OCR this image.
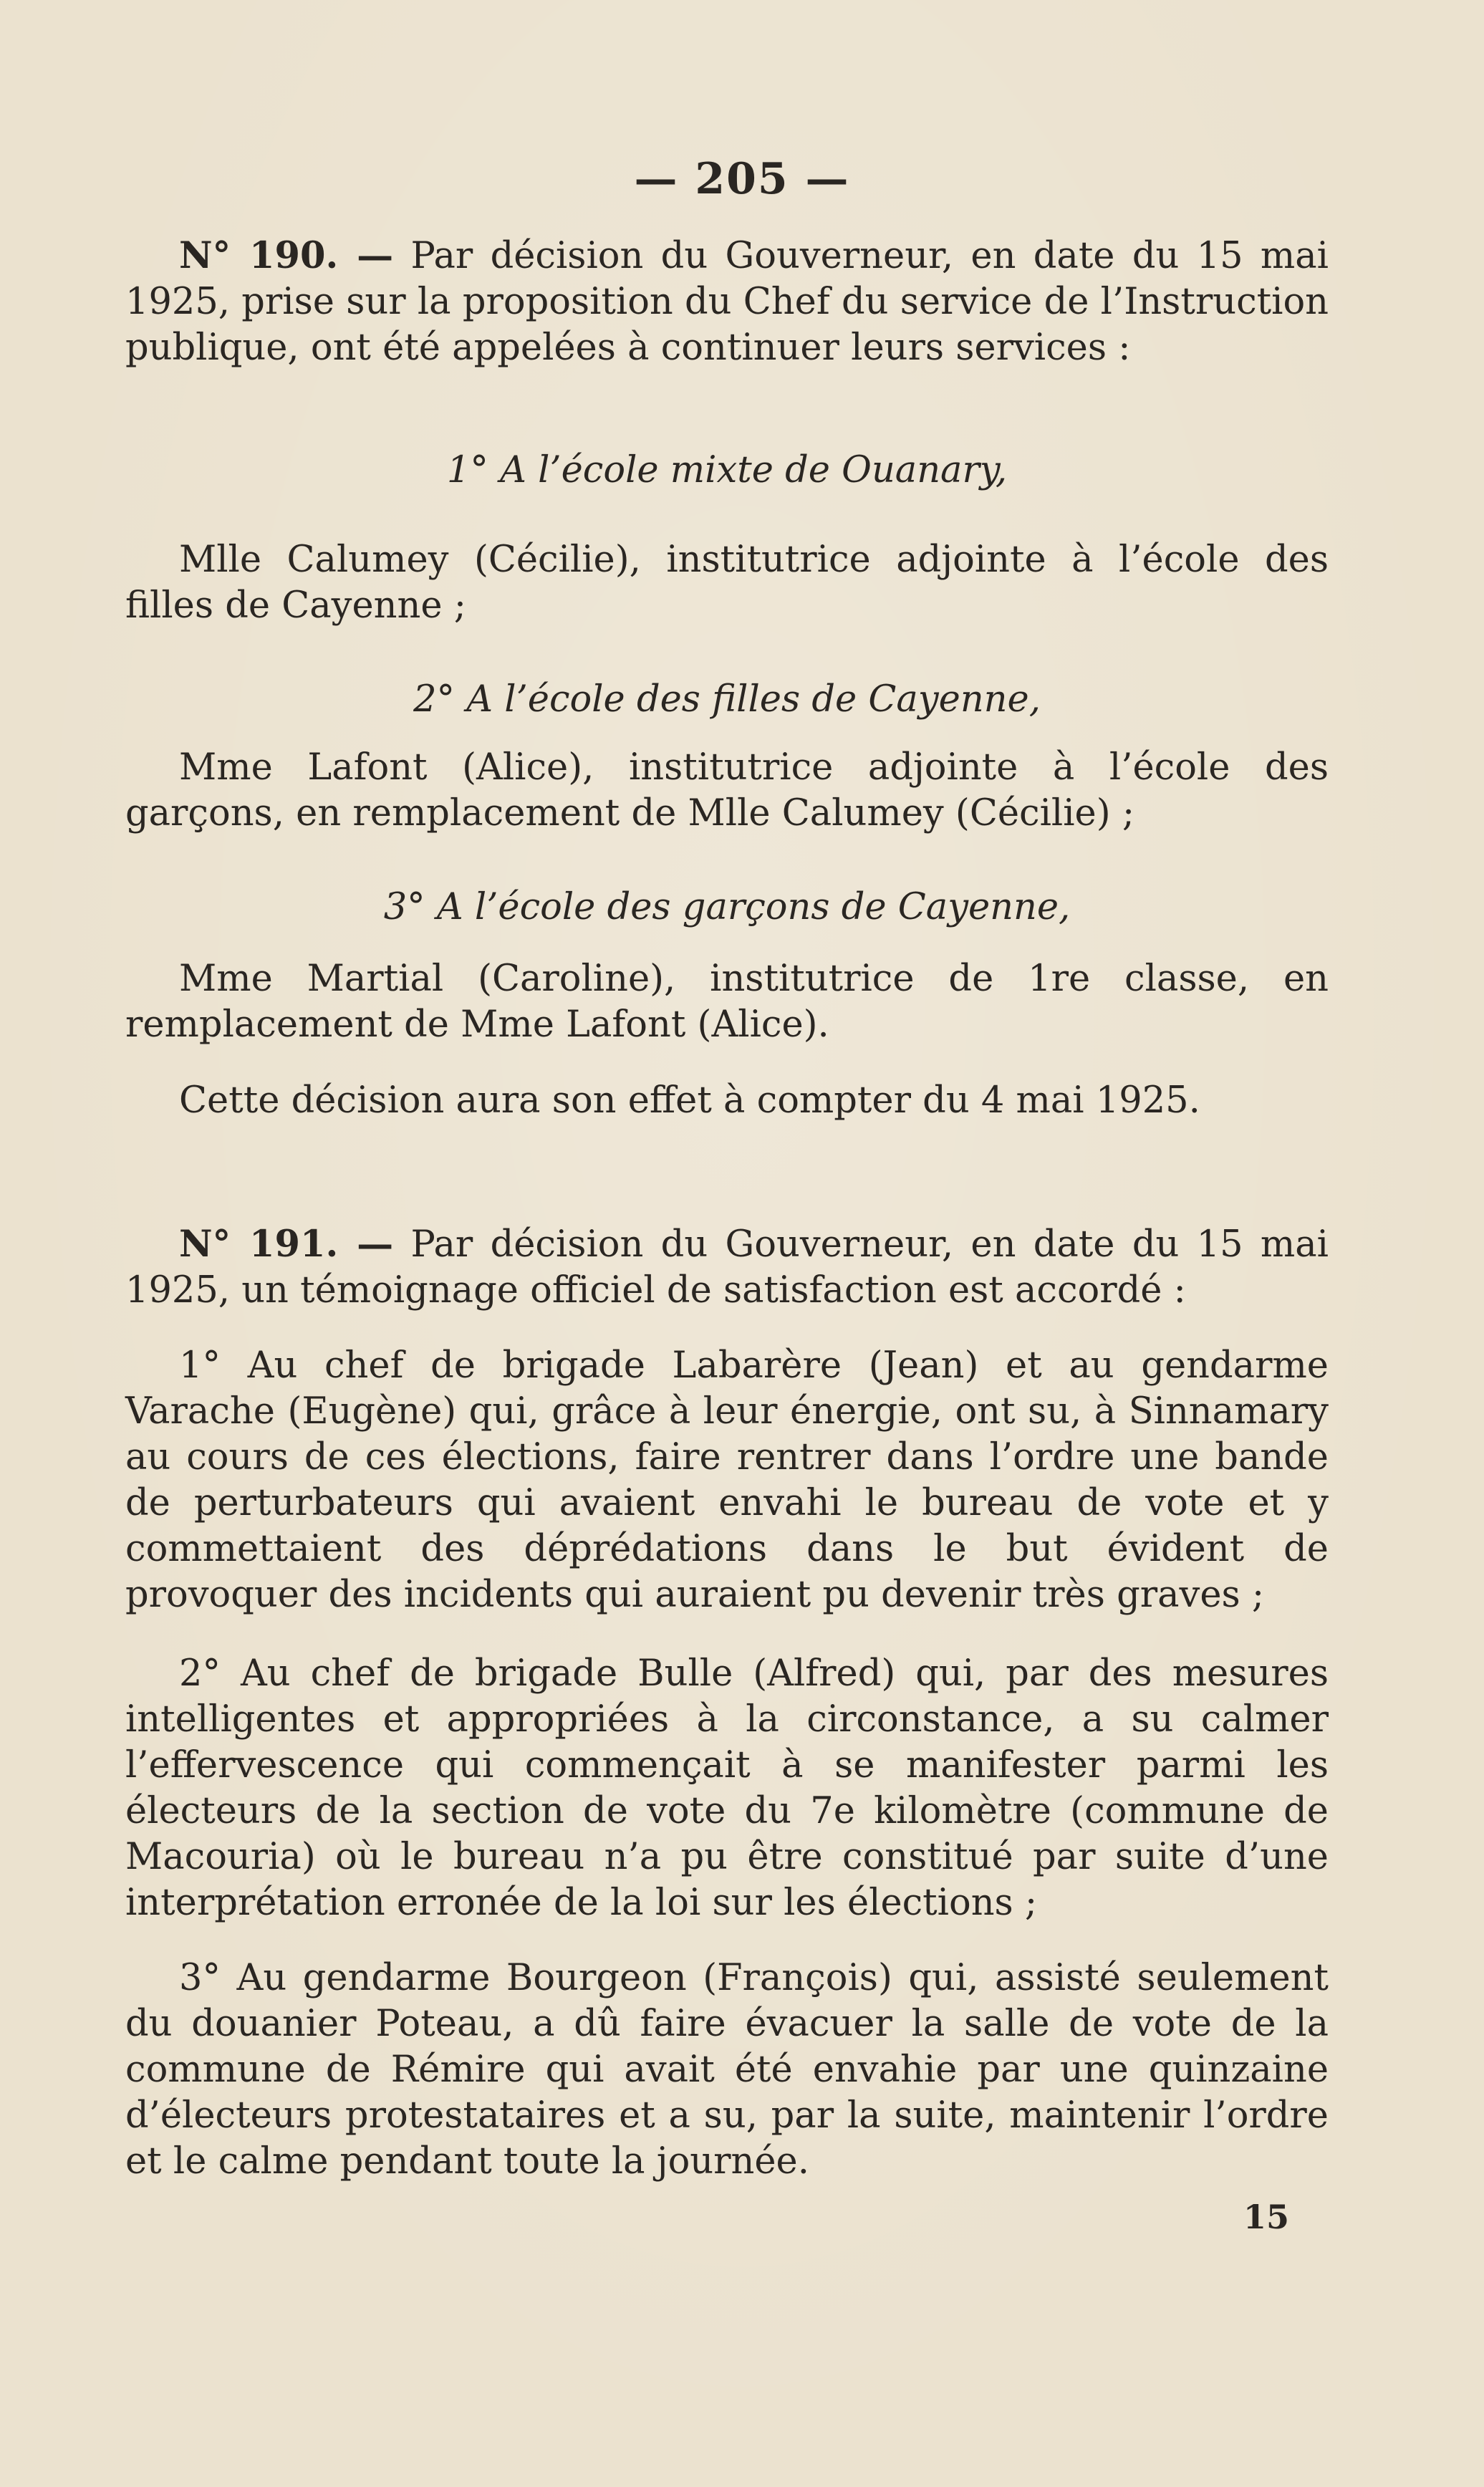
— 205 —

N° 190. — Par décision du Gouverneur, en date du 15 mai 1925, prise sur la proposition du Chef du service de l’Instruction publique, ont été appelées à continuer leurs services :

1° A l’école mixte de Ouanary,

Mlle Calumey (Cécilie), institutrice adjointe à l’école des filles de Cayenne ;

2° A l’école des filles de Cayenne,

Mme Lafont (Alice), institutrice adjointe à l’école des garçons, en remplacement de Mlle Calumey (Cécilie) ;

3° A l’école des garçons de Cayenne,

Mme Martial (Caroline), institutrice de 1re classe, en remplacement de Mme Lafont (Alice).

Cette décision aura son effet à compter du 4 mai 1925.

N° 191. — Par décision du Gouverneur, en date du 15 mai 1925, un témoignage officiel de satisfaction est accordé :

1° Au chef de brigade Labarère (Jean) et au gendarme Varache (Eugène) qui, grâce à leur énergie, ont su, à Sinnamary au cours de ces élections, faire rentrer dans l’ordre une bande de perturbateurs qui avaient envahi le bureau de vote et y commettaient des déprédations dans le but évident de provoquer des incidents qui auraient pu devenir très graves ;

2° Au chef de brigade Bulle (Alfred) qui, par des mesures intelligentes et appropriées à la circonstance, a su calmer l’effervescence qui commençait à se manifester parmi les électeurs de la section de vote du 7e kilomètre (commune de Macouria) où le bureau n’a pu être constitué par suite d’une interprétation erronée de la loi sur les élections ;

3° Au gendarme Bourgeon (François) qui, assisté seulement du douanier Poteau, a dû faire évacuer la salle de vote de la commune de Rémire qui avait été envahie par une quinzaine d’électeurs protestataires et a su, par la suite, maintenir l’ordre et le calme pendant toute la journée.

15
